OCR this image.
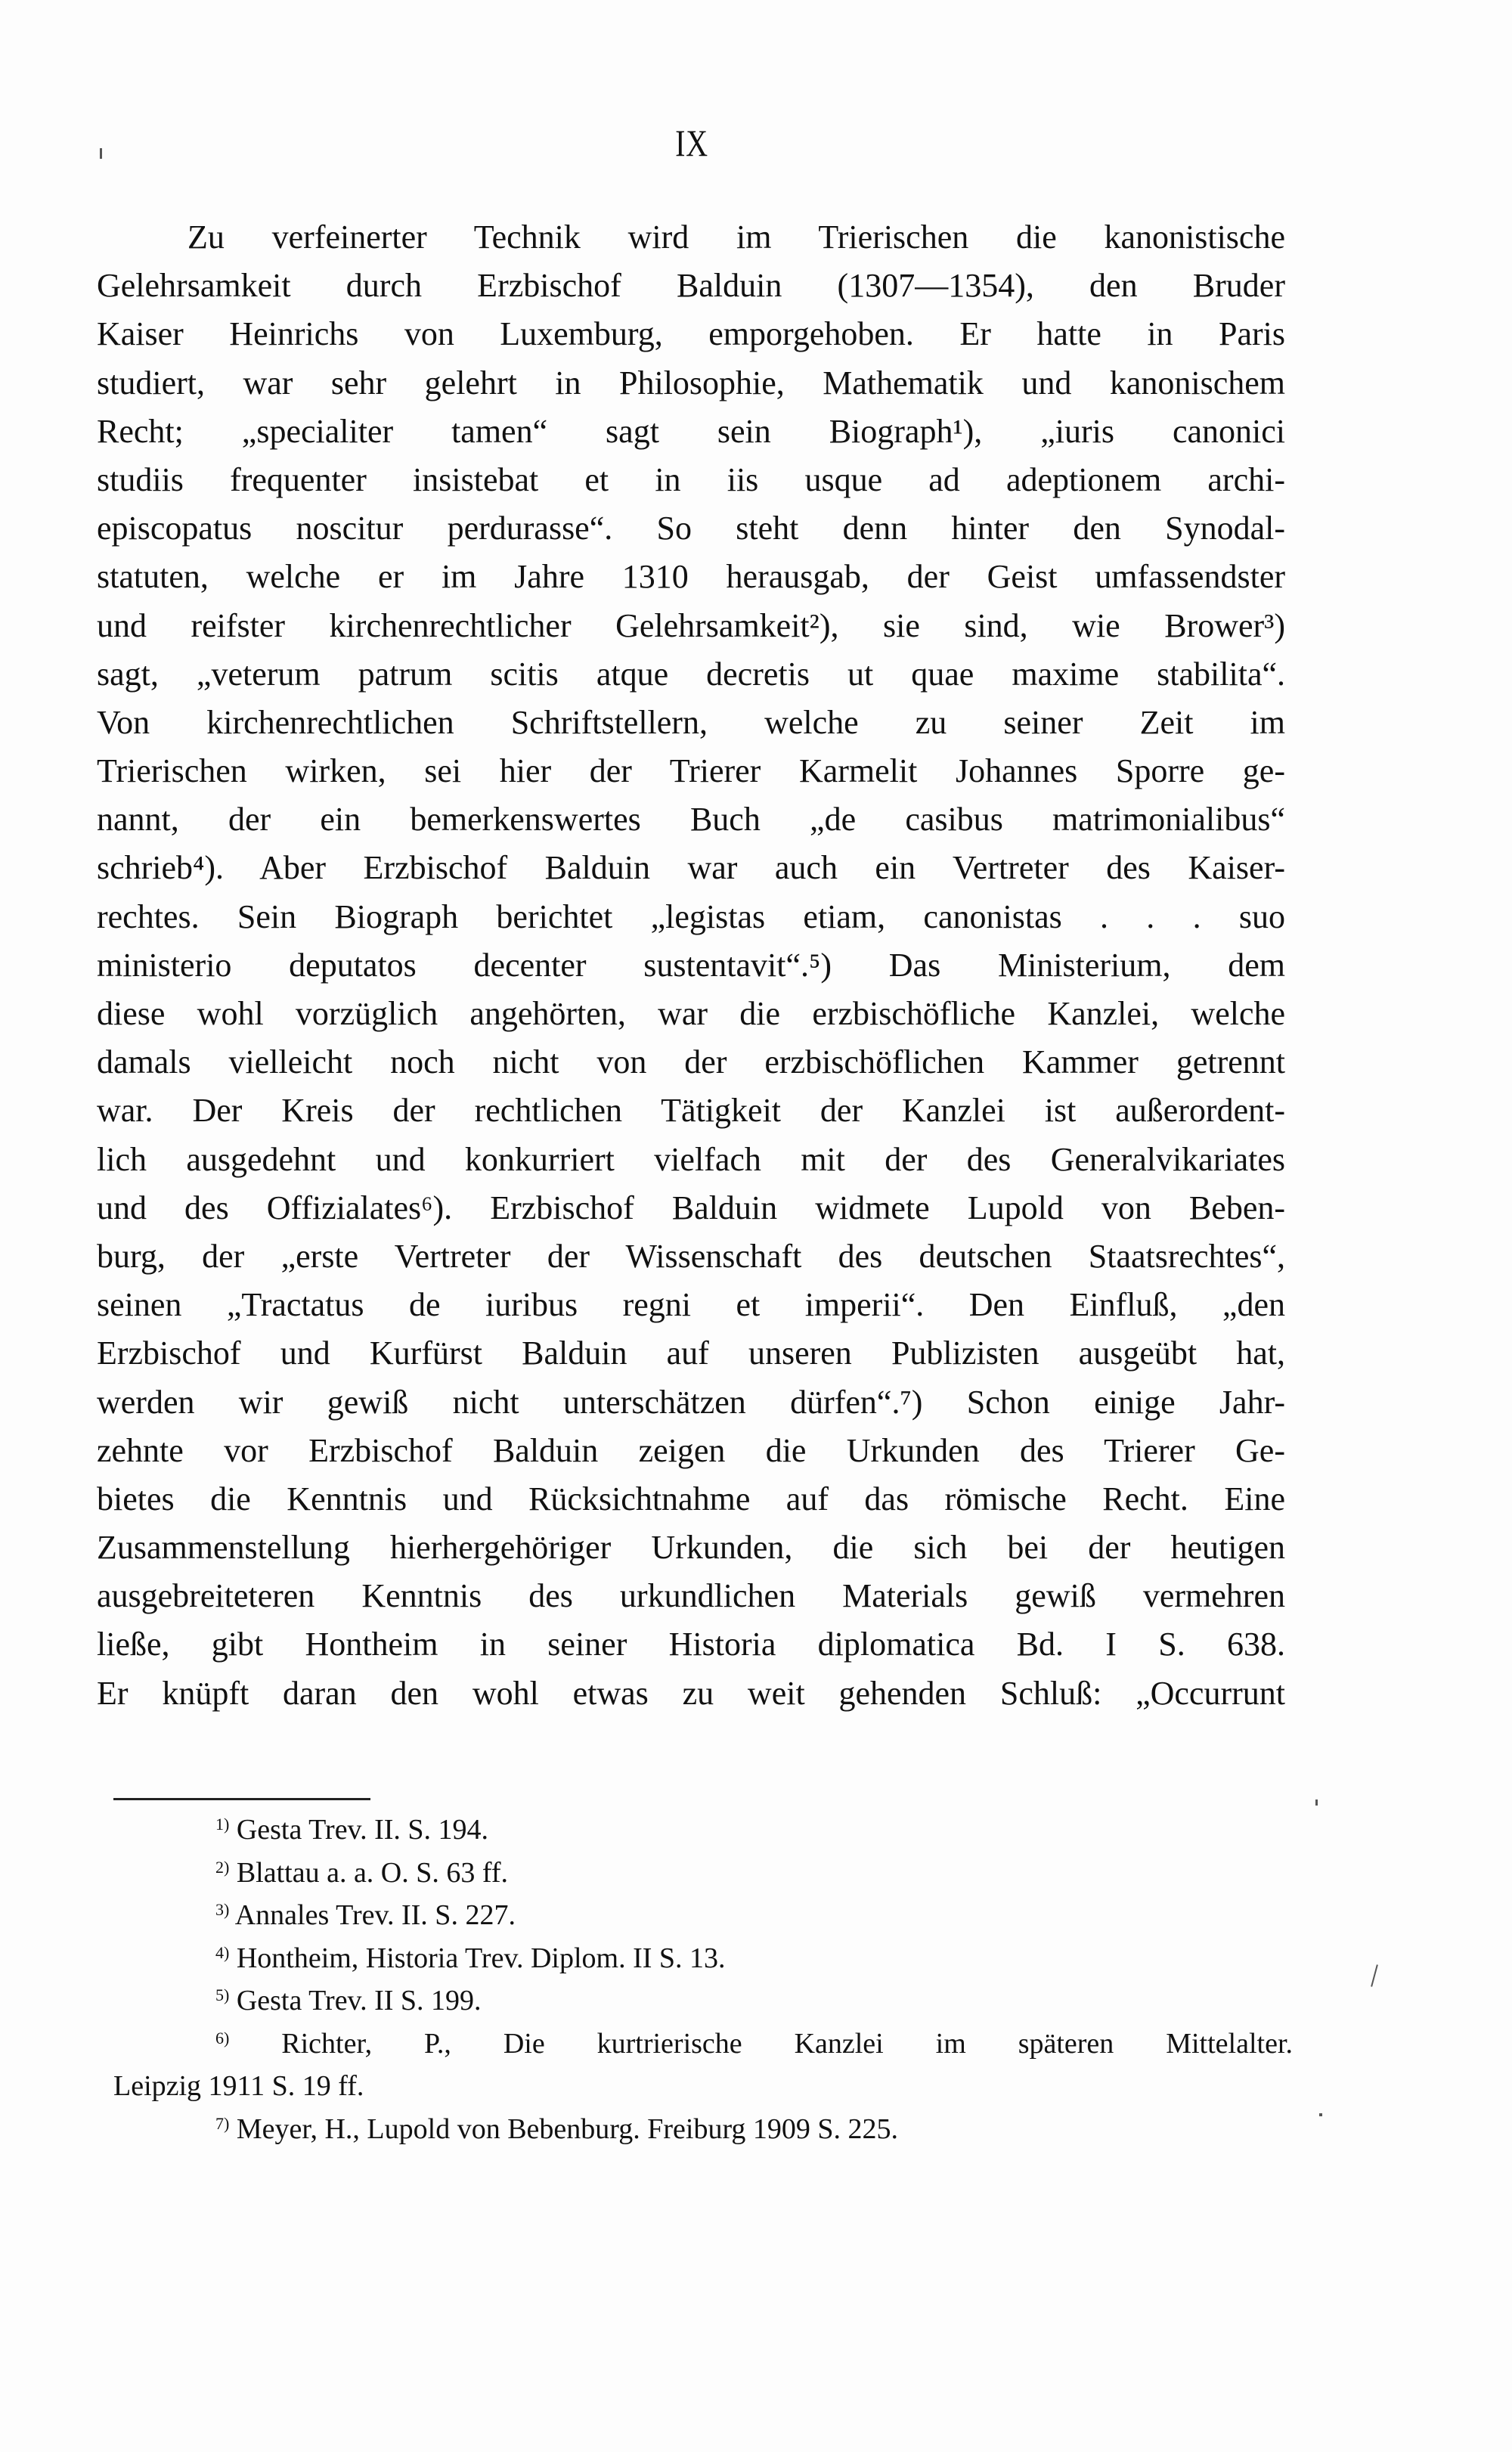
IX
Zu verfeinerter Technik wird im Trierischen die kanonistische
Gelehrsamkeit durch Erzbischof Balduin (1307—1354), den Bruder
Kaiser Heinrichs von Luxemburg, emporgehoben. Er hatte in Paris
studiert, war sehr gelehrt in Philosophie, Mathematik und kanonischem
Recht; „specialiter tamen“ sagt sein Biograph¹), „iuris canonici
studiis frequenter insistebat et in iis usque ad adeptionem archi-
episcopatus noscitur perdurasse“. So steht denn hinter den Synodal-
statuten, welche er im Jahre 1310 herausgab, der Geist umfassendster
und reifster kirchenrechtlicher Gelehrsamkeit²), sie sind, wie Brower³)
sagt, „veterum patrum scitis atque decretis ut quae maxime stabilita“.
Von kirchenrechtlichen Schriftstellern, welche zu seiner Zeit im
Trierischen wirken, sei hier der Trierer Karmelit Johannes Sporre ge-
nannt, der ein bemerkenswertes Buch „de casibus matrimonialibus“
schrieb⁴). Aber Erzbischof Balduin war auch ein Vertreter des Kaiser-
rechtes. Sein Biograph berichtet „legistas etiam, canonistas . . . suo
ministerio deputatos decenter sustentavit“.⁵) Das Ministerium, dem
diese wohl vorzüglich angehörten, war die erzbischöfliche Kanzlei, welche
damals vielleicht noch nicht von der erzbischöflichen Kammer getrennt
war. Der Kreis der rechtlichen Tätigkeit der Kanzlei ist außerordent-
lich ausgedehnt und konkurriert vielfach mit der des Generalvikariates
und des Offizialates⁶). Erzbischof Balduin widmete Lupold von Beben-
burg, der „erste Vertreter der Wissenschaft des deutschen Staatsrechtes“,
seinen „Tractatus de iuribus regni et imperii“. Den Einfluß, „den
Erzbischof und Kurfürst Balduin auf unseren Publizisten ausgeübt hat,
werden wir gewiß nicht unterschätzen dürfen“.⁷) Schon einige Jahr-
zehnte vor Erzbischof Balduin zeigen die Urkunden des Trierer Ge-
bietes die Kenntnis und Rücksichtnahme auf das römische Recht. Eine
Zusammenstellung hierhergehöriger Urkunden, die sich bei der heutigen
ausgebreiteteren Kenntnis des urkundlichen Materials gewiß vermehren
ließe, gibt Hontheim in seiner Historia diplomatica Bd. I S. 638.
Er knüpft daran den wohl etwas zu weit gehenden Schluß: „Occurrunt
$^{1)}$ Gesta Trev. II. S. 194.
$^{2)}$ Blattau a. a. O. S. 63 ff.
$^{3)}$ Annales Trev. II. S. 227.
$^{4)}$ Hontheim, Historia Trev. Diplom. II S. 13.
$^{5)}$ Gesta Trev. II S. 199.
$^{6)}$ Richter, P., Die kurtrierische Kanzlei im späteren Mittelalter.
Leipzig 1911 S. 19 ff.
$^{7)}$ Meyer, H., Lupold von Bebenburg. Freiburg 1909 S. 225.
